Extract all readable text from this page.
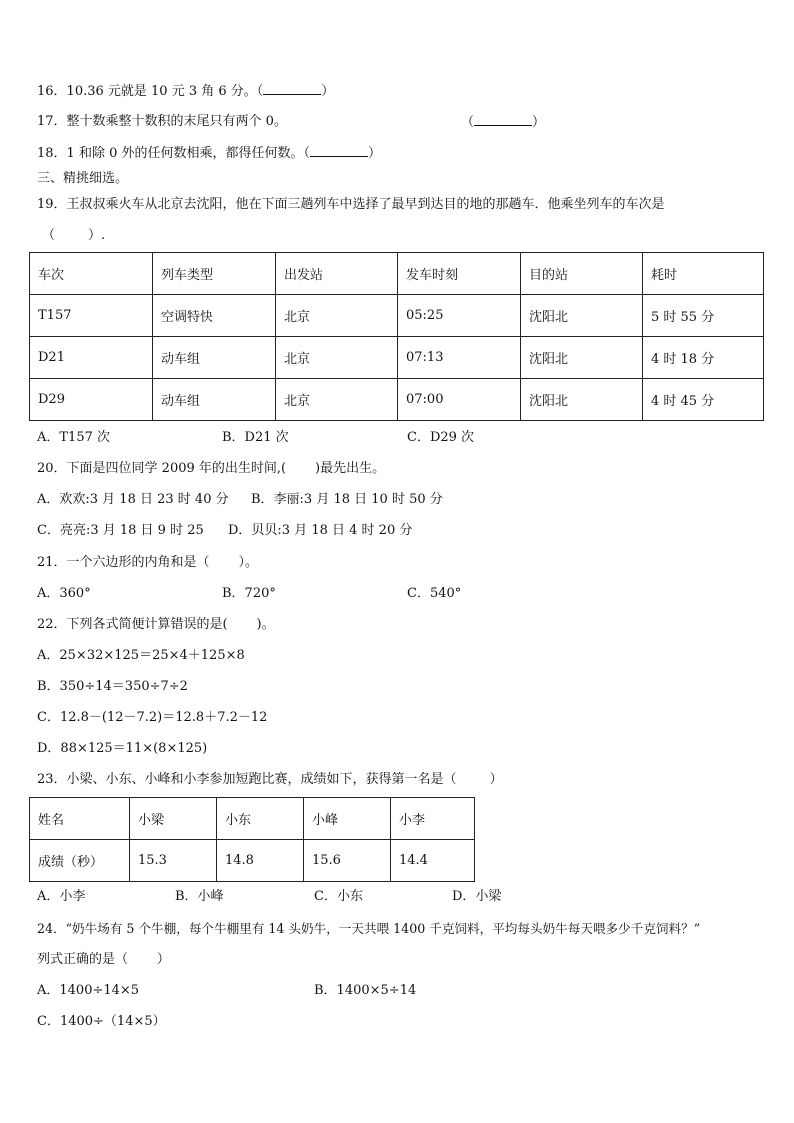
16．10.36 元就是 10 元 3 角 6 分。（	）
17．整十数乘整十数积的末尾只有两个 0。	（	）
18．1 和除 0 外的任何数相乘，都得任何数。（	）
三、精挑细选。
19．王叔叔乘火车从北京去沈阳，他在下面三趟列车中选择了最早到达目的地的那趟车．他乘坐列车的车次是
（        ）.
车次	列车类型	出发站	发车时刻	目的站	耗时
T157	空调特快	北京	05:25	沈阳北	5 时 55 分
D21	动车组	北京	07:13	沈阳北	4 时 18 分
D29	动车组	北京	07:00	沈阳北	4 时 45 分
A．T157 次	B．D21 次	C．D29 次
20．下面是四位同学 2009 年的出生时间,(       )最先出生。
A．欢欢:3 月 18 日 23 时 40 分 B．李丽:3 月 18 日 10 时 50 分
C．亮亮:3 月 18 日 9 时 25 D．贝贝:3 月 18 日 4 时 20 分
21．一个六边形的内角和是（       ）。
A．360°	B．720°	C．540°
22．下列各式简便计算错误的是(       )。
A．25×32×125＝25×4＋125×8
B．350÷14＝350÷7÷2
C．12.8－(12－7.2)＝12.8＋7.2－12
D．88×125＝11×(8×125)
23．小梁、小东、小峰和小李参加短跑比赛，成绩如下，获得第一名是（        ）
姓名	小梁	小东	小峰	小李
成绩（秒）	15.3	14.8	15.6	14.4
A．小李	B．小峰	C．小东	D．小梁
24．“奶牛场有 5 个牛棚，每个牛棚里有 14 头奶牛，一天共喂 1400 千克饲料，平均每头奶牛每天喂多少千克饲料？”
列式正确的是（       ）
A．1400÷14×5	B．1400×5÷14
C．1400÷（14×5）
